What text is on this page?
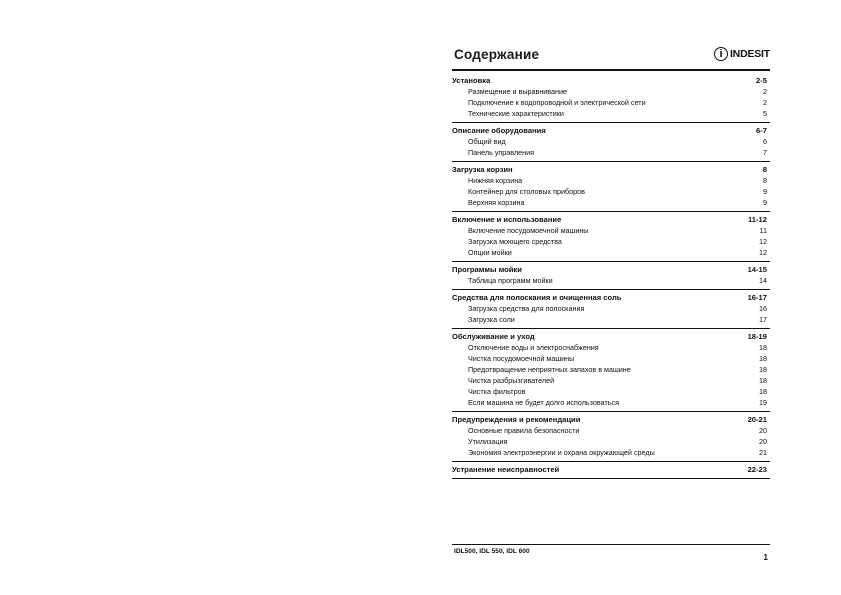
Содержание	i INDESIT
Установка	2-5
Размещение и выравнивание	2
Подключение к водопроводной и электрической сети	2
Технические характеристики	5
Описание оборудования	6-7
Общий вид	6
Панель управления	7
Загрузка корзин	8
Нижняя корзина	8
Контейнер для столовых приборов	9
Верхняя корзина	9
Включение и использование	11-12
Включение посудомоечной машины	11
Загрузка моющего средства	12
Опции мойки	12
Программы мойки	14-15
Таблица программ мойки	14
Средства для полоскания и очищенная соль	16-17
Загрузка средства для полоскания	16
Загрузка соли	17
Обслуживание и уход	18-19
Отключение воды и электроснабжения	18
Чистка посудомоечной машины	18
Предотвращение неприятных запахов в машине	18
Чистка разбрызгивателей	18
Чистка фильтров	18
Если машина не будет долго использоваться	19
Предупреждения и рекомендации	20-21
Основные правила безопасности	20
Утилизация	20
Экономия электроэнергии и охрана окружающей среды	21
Устранение неисправностей	22-23
IDL500, IDL 550, IDL 600
1
